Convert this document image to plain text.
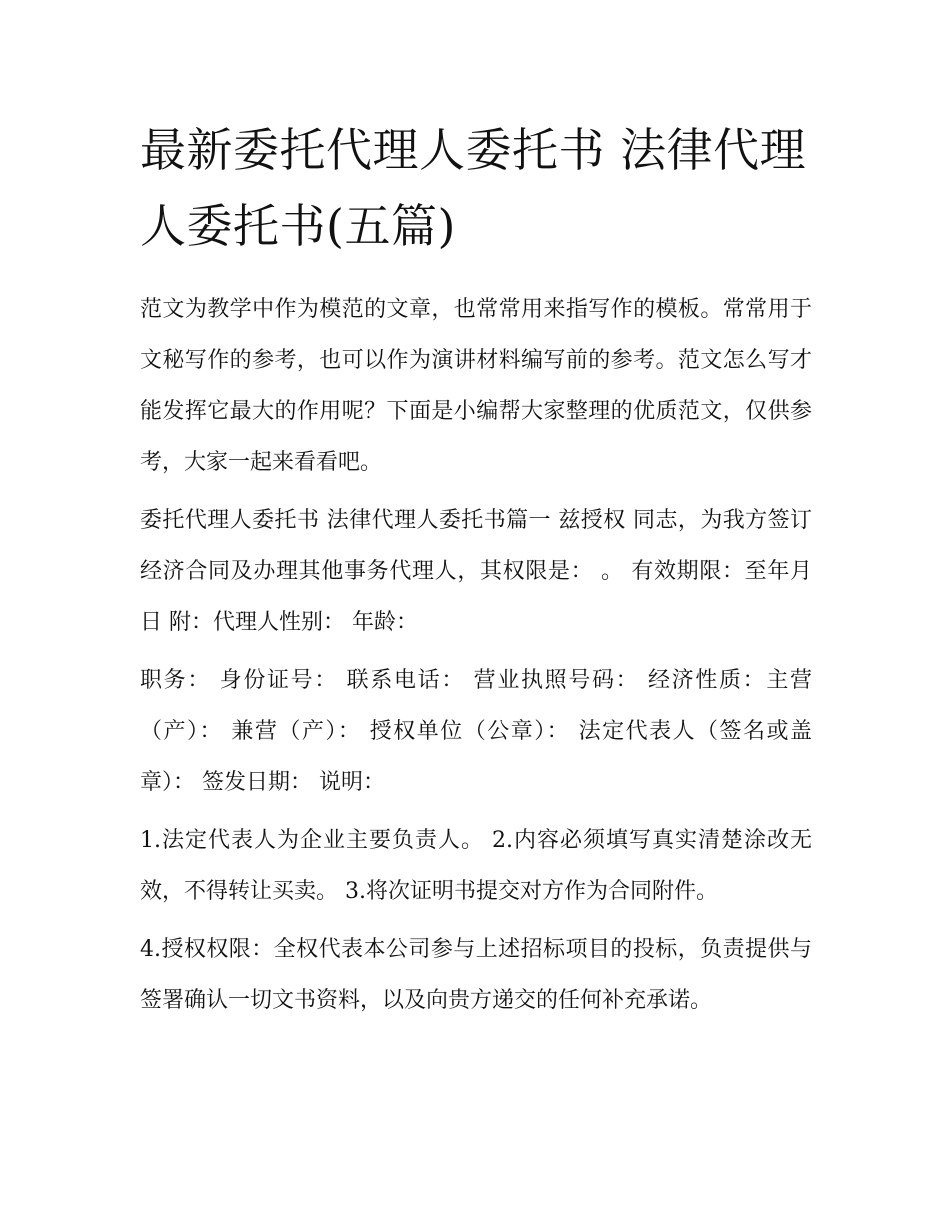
最新委托代理人委托书 法律代理人委托书(五篇)

范文为教学中作为模范的文章，也常常用来指写作的模板。常常用于文秘写作的参考，也可以作为演讲材料编写前的参考。范文怎么写才能发挥它最大的作用呢？下面是小编帮大家整理的优质范文，仅供参考，大家一起来看看吧。

委托代理人委托书 法律代理人委托书篇一 兹授权 同志，为我方签订经济合同及办理其他事务代理人，其权限是： 。 有效期限：至年月日 附：代理人性别： 年龄：

职务： 身份证号： 联系电话： 营业执照号码： 经济性质：主营（产）： 兼营（产）： 授权单位（公章）： 法定代表人（签名或盖章）： 签发日期： 说明：

1.法定代表人为企业主要负责人。 2.内容必须填写真实清楚涂改无效，不得转让买卖。 3.将次证明书提交对方作为合同附件。

4.授权权限：全权代表本公司参与上述招标项目的投标，负责提供与签署确认一切文书资料，以及向贵方递交的任何补充承诺。
